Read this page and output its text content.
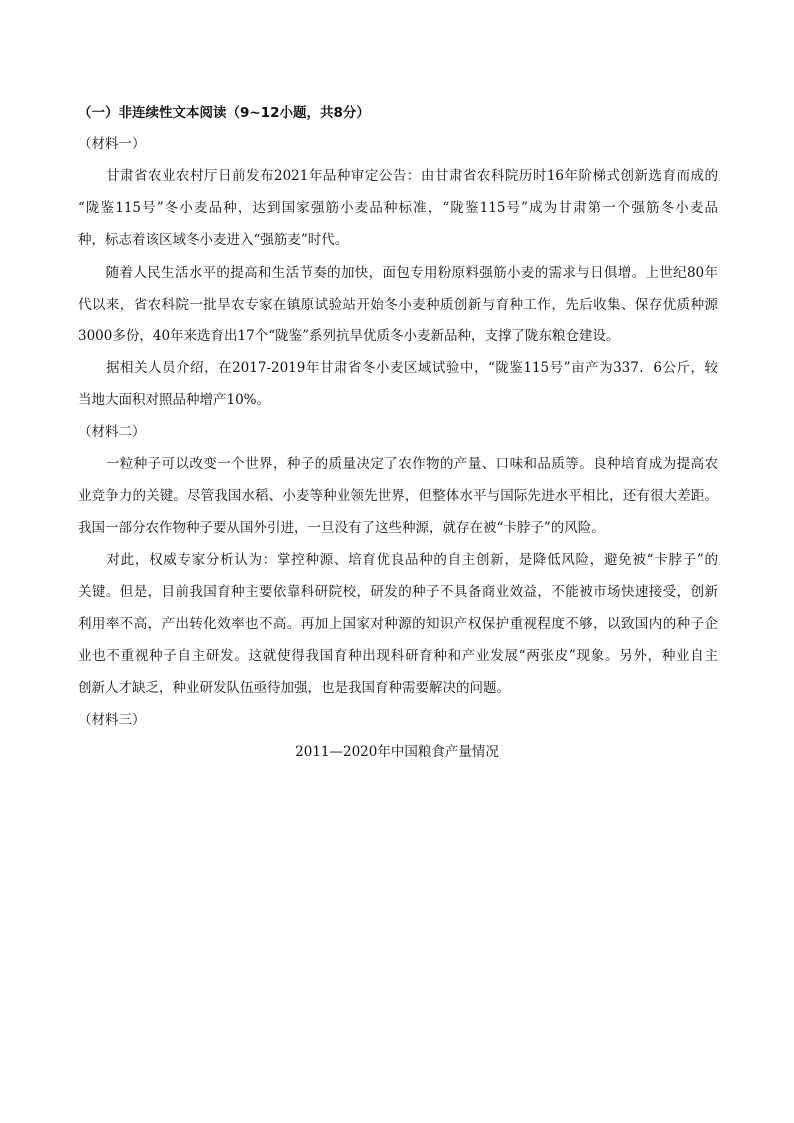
（一）非连续性文本阅读（9~12小题，共8分）
（材料一）
　　甘肃省农业农村厅日前发布2021年品种审定公告：由甘肃省农科院历时16年阶梯式创新选育而成的
“陇鉴115号”冬小麦品种，达到国家强筋小麦品种标准，“陇鉴115号”成为甘肃第一个强筋冬小麦品
种，标志着该区域冬小麦进入“强筋麦”时代。
　　随着人民生活水平的提高和生活节奏的加快，面包专用粉原料强筋小麦的需求与日俱增。上世纪80年
代以来，省农科院一批旱农专家在镇原试验站开始冬小麦种质创新与育种工作，先后收集、保存优质种源
3000多份，40年来选育出17个“陇鉴”系列抗旱优质冬小麦新品种，支撑了陇东粮仓建设。
　　据相关人员介绍，在2017-2019年甘肃省冬小麦区域试验中，“陇鉴115号”亩产为337．6公斤，较
当地大面积对照品种增产10%。
（材料二）
　　一粒种子可以改变一个世界，种子的质量决定了农作物的产量、口味和品质等。良种培育成为提高农
业竞争力的关键。尽管我国水稻、小麦等种业领先世界，但整体水平与国际先进水平相比，还有很大差距。
我国一部分农作物种子要从国外引进，一旦没有了这些种源，就存在被“卡脖子”的风险。
　　对此，权威专家分析认为：掌控种源、培育优良品种的自主创新，是降低风险，避免被“卡脖子”的
关键。但是，目前我国育种主要依靠科研院校，研发的种子不具备商业效益，不能被市场快速接受，创新
利用率不高，产出转化效率也不高。再加上国家对种源的知识产权保护重视程度不够，以致国内的种子企
业也不重视种子自主研发。这就使得我国育种出现科研育种和产业发展“两张皮”现象。另外，种业自主
创新人才缺乏，种业研发队伍亟待加强，也是我国育种需要解决的问题。
（材料三）
2011—2020年中国粮食产量情况
